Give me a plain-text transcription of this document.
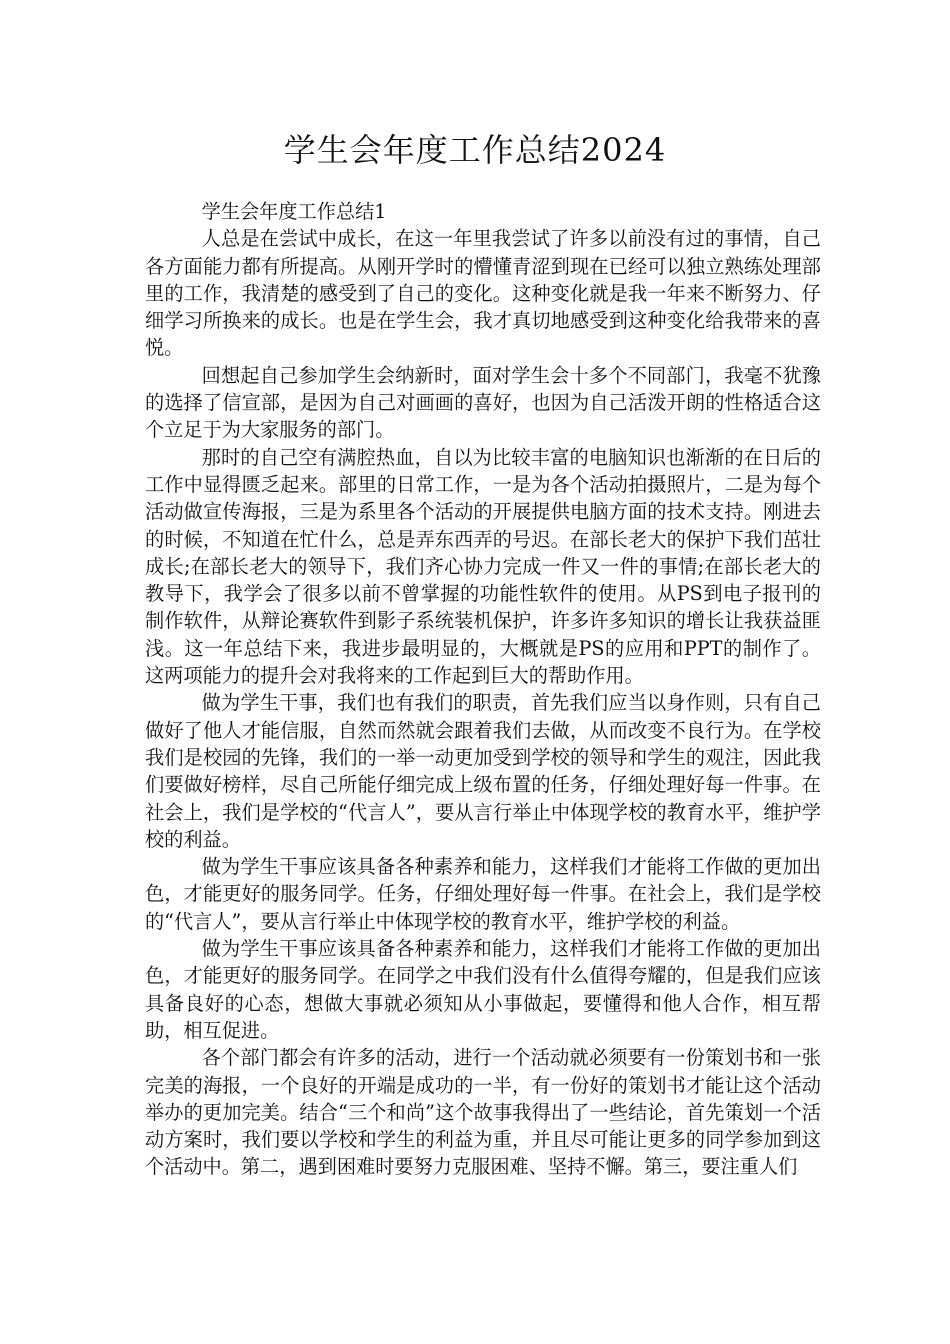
学生会年度工作总结2024

学生会年度工作总结1

人总是在尝试中成长，在这一年里我尝试了许多以前没有过的事情，自己各方面能力都有所提高。从刚开学时的懵懂青涩到现在已经可以独立熟练处理部里的工作，我清楚的感受到了自己的变化。这种变化就是我一年来不断努力、仔细学习所换来的成长。也是在学生会，我才真切地感受到这种变化给我带来的喜悦。

回想起自己参加学生会纳新时，面对学生会十多个不同部门，我毫不犹豫的选择了信宣部，是因为自己对画画的喜好，也因为自己活泼开朗的性格适合这个立足于为大家服务的部门。

那时的自己空有满腔热血，自以为比较丰富的电脑知识也渐渐的在日后的工作中显得匮乏起来。部里的日常工作，一是为各个活动拍摄照片，二是为每个活动做宣传海报，三是为系里各个活动的开展提供电脑方面的技术支持。刚进去的时候，不知道在忙什么，总是弄东西弄的号迟。在部长老大的保护下我们茁壮成长;在部长老大的领导下，我们齐心协力完成一件又一件的事情;在部长老大的教导下，我学会了很多以前不曾掌握的功能性软件的使用。从PS到电子报刊的制作软件，从辩论赛软件到影子系统装机保护，许多许多知识的增长让我获益匪浅。这一年总结下来，我进步最明显的，大概就是PS的应用和PPT的制作了。这两项能力的提升会对我将来的工作起到巨大的帮助作用。

做为学生干事，我们也有我们的职责，首先我们应当以身作则，只有自己做好了他人才能信服，自然而然就会跟着我们去做，从而改变不良行为。在学校我们是校园的先锋，我们的一举一动更加受到学校的领导和学生的观注，因此我们要做好榜样，尽自己所能仔细完成上级布置的任务，仔细处理好每一件事。在社会上，我们是学校的“代言人”，要从言行举止中体现学校的教育水平，维护学校的利益。

做为学生干事应该具备各种素养和能力，这样我们才能将工作做的更加出色，才能更好的服务同学。任务，仔细处理好每一件事。在社会上，我们是学校的“代言人”，要从言行举止中体现学校的教育水平，维护学校的利益。

做为学生干事应该具备各种素养和能力，这样我们才能将工作做的更加出色，才能更好的服务同学。在同学之中我们没有什么值得夸耀的，但是我们应该具备良好的心态，想做大事就必须知从小事做起，要懂得和他人合作，相互帮助，相互促进。

各个部门都会有许多的活动，进行一个活动就必须要有一份策划书和一张完美的海报，一个良好的开端是成功的一半，有一份好的策划书才能让这个活动举办的更加完美。结合“三个和尚”这个故事我得出了一些结论，首先策划一个活动方案时，我们要以学校和学生的利益为重，并且尽可能让更多的同学参加到这个活动中。第二，遇到困难时要努力克服困难、坚持不懈。第三，要注重人们
